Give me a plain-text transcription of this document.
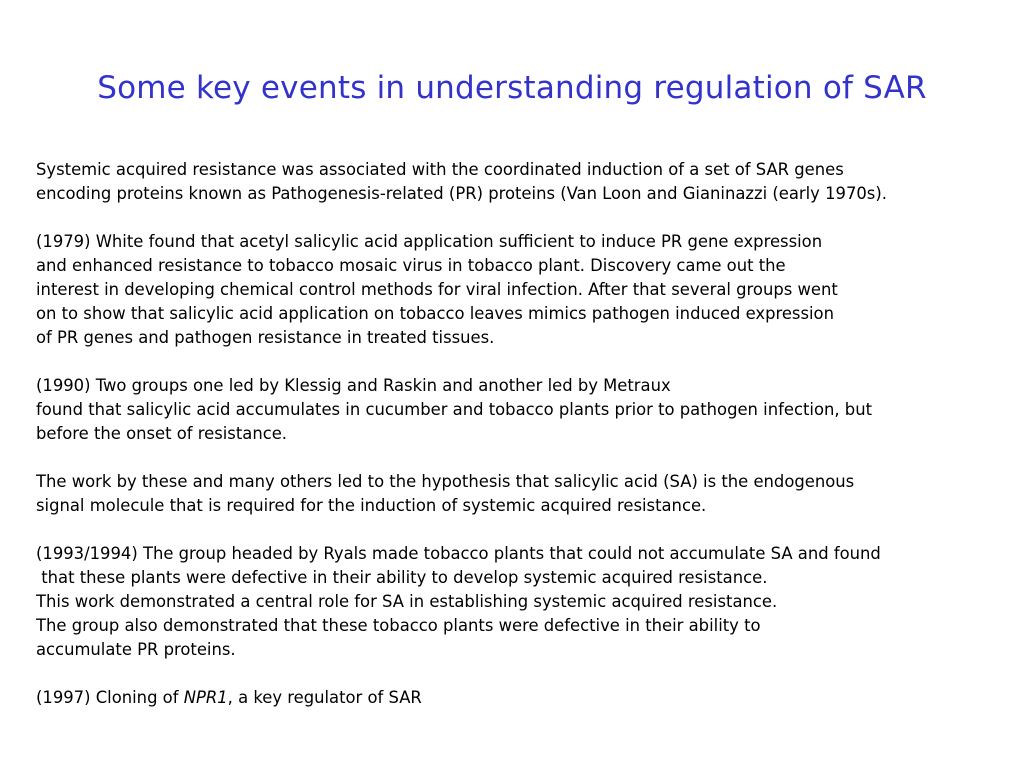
Some key events in understanding regulation of SAR
Systemic acquired resistance was associated with the coordinated induction of a set of SAR genes
encoding proteins known as Pathogenesis-related (PR) proteins (Van Loon and Gianinazzi (early 1970s).
(1979) White found that acetyl salicylic acid application sufficient to induce PR gene expression
and enhanced resistance to tobacco mosaic virus in tobacco plant. Discovery came out the
interest in developing chemical control methods for viral infection. After that several groups went
on to show that salicylic acid application on tobacco leaves mimics pathogen induced expression
of PR genes and pathogen resistance in treated tissues.
(1990) Two groups one led by Klessig and Raskin and another led by Metraux
found that salicylic acid accumulates in cucumber and tobacco plants prior to pathogen infection, but
before the onset of resistance.
The work by these and many others led to the hypothesis that salicylic acid (SA) is the endogenous
signal molecule that is required for the induction of systemic acquired resistance.
(1993/1994) The group headed by Ryals made tobacco plants that could not accumulate SA and found
that these plants were defective in their ability to develop systemic acquired resistance.
This work demonstrated a central role for SA in establishing systemic acquired resistance.
The group also demonstrated that these tobacco plants were defective in their ability to
accumulate PR proteins.
(1997) Cloning of NPR1, a key regulator of SAR
